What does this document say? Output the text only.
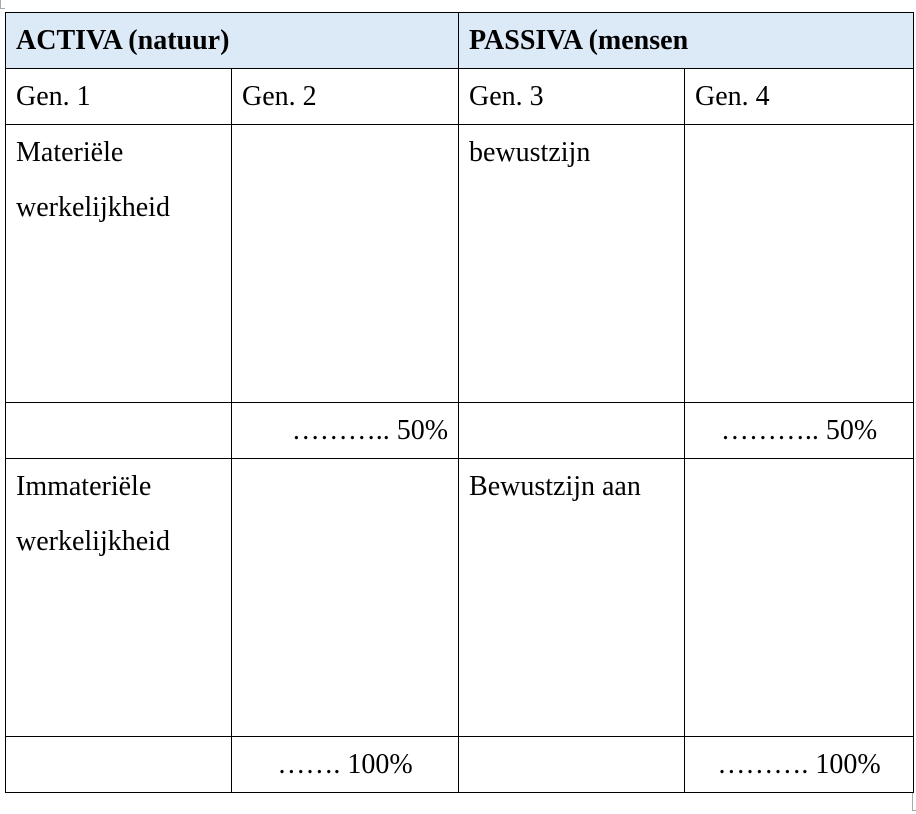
ACTIVA (natuur)		PASSIVA (mensen	
Gen. 1	Gen. 2	Gen. 3	Gen. 4

Materiële
werkelijkheid		bewustzijn	
	……….. 50%		……….. 50%

Immateriële
werkelijkheid		Bewustzijn aan	
	……. 100%		………. 100%
